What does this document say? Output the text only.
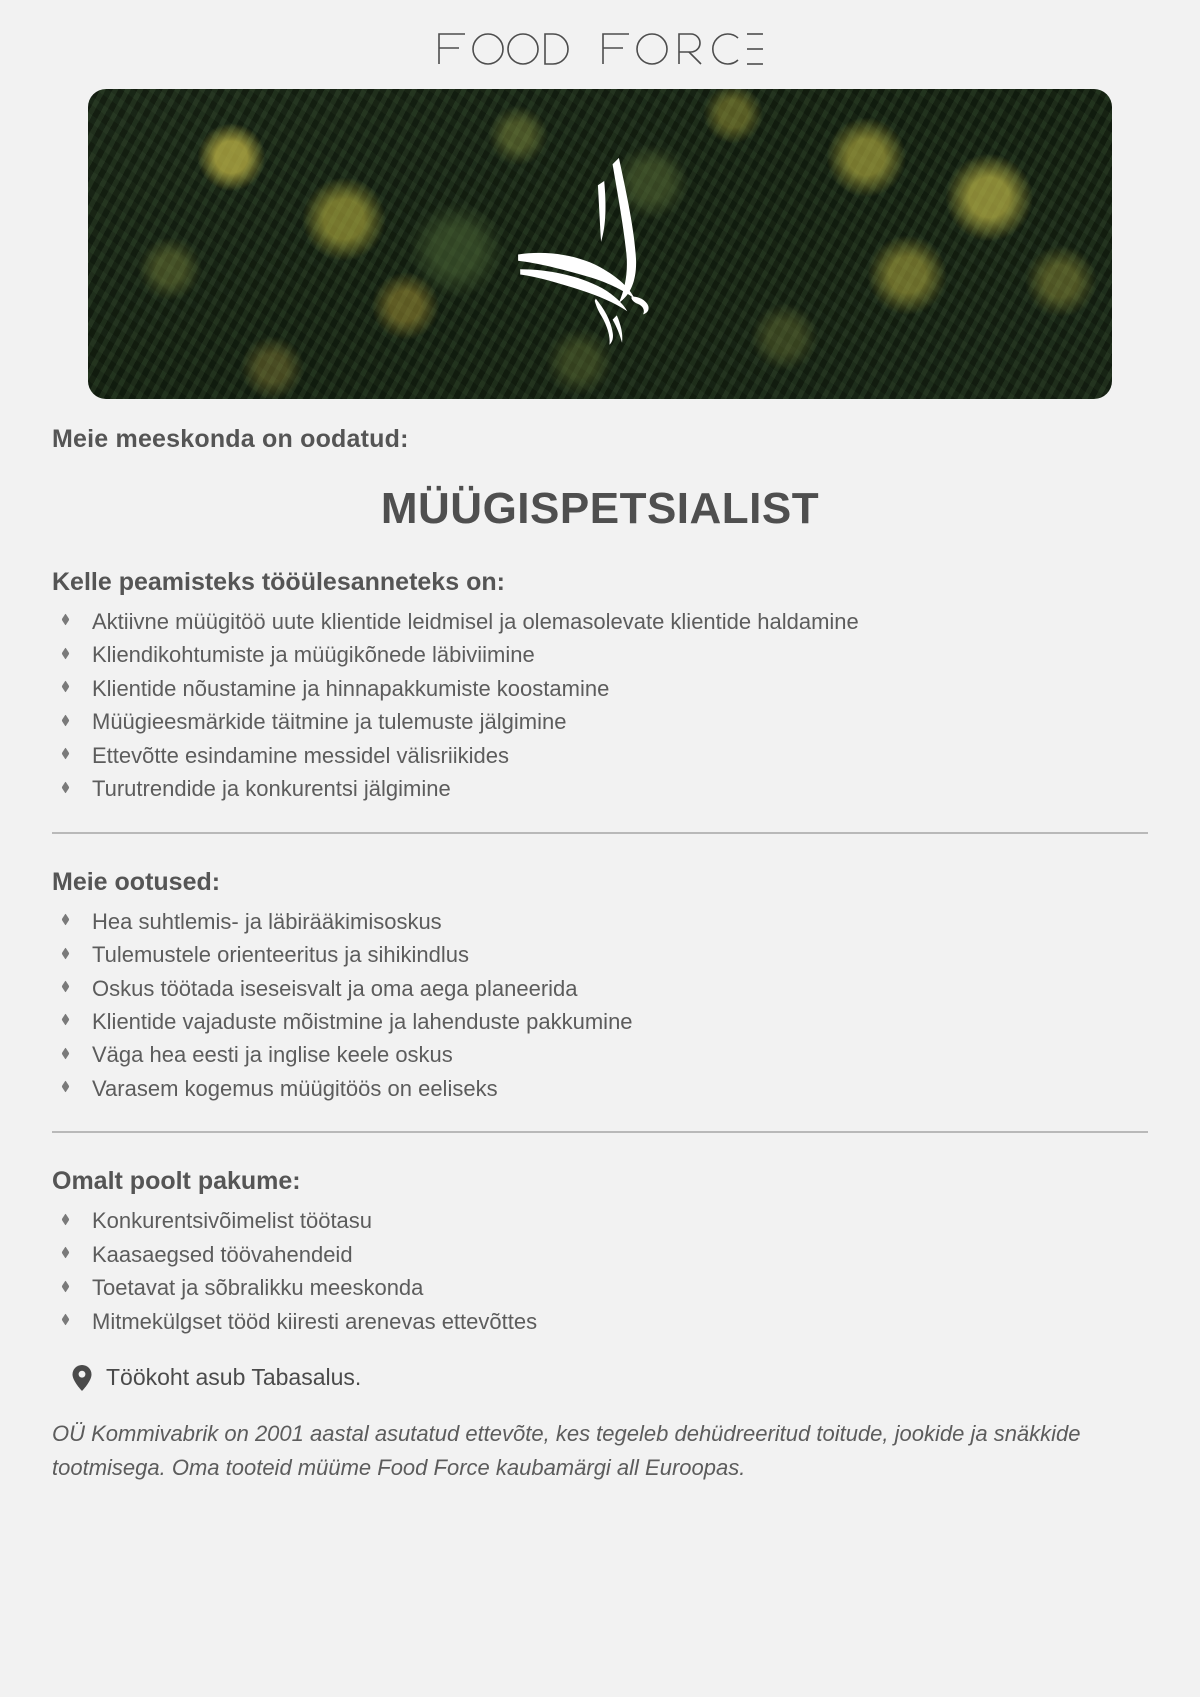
Meie meeskonda on oodatud:
MÜÜGISPETSIALIST
Kelle peamisteks tööülesanneteks on:
Aktiivne müügitöö uute klientide leidmisel ja olemasolevate klientide haldamine
Kliendikohtumiste ja müügikõnede läbiviimine
Klientide nõustamine ja hinnapakkumiste koostamine
Müügieesmärkide täitmine ja tulemuste jälgimine
Ettevõtte esindamine messidel välisriikides
Turutrendide ja konkurentsi jälgimine
Meie ootused:
Hea suhtlemis- ja läbirääkimisoskus
Tulemustele orienteeritus ja sihikindlus
Oskus töötada iseseisvalt ja oma aega planeerida
Klientide vajaduste mõistmine ja lahenduste pakkumine
Väga hea eesti ja inglise keele oskus
Varasem kogemus müügitöös on eeliseks
Omalt poolt pakume:
Konkurentsivõimelist töötasu
Kaasaegsed töövahendeid
Toetavat ja sõbralikku meeskonda
Mitmekülgset tööd kiiresti arenevas ettevõttes
Töökoht asub Tabasalus.

OÜ Kommivabrik on 2001 aastal asutatud ettevõte, kes tegeleb dehüdreeritud toitude, jookide ja snäkkide tootmisega. Oma tooteid müüme Food Force kaubamärgi all Euroopas.
